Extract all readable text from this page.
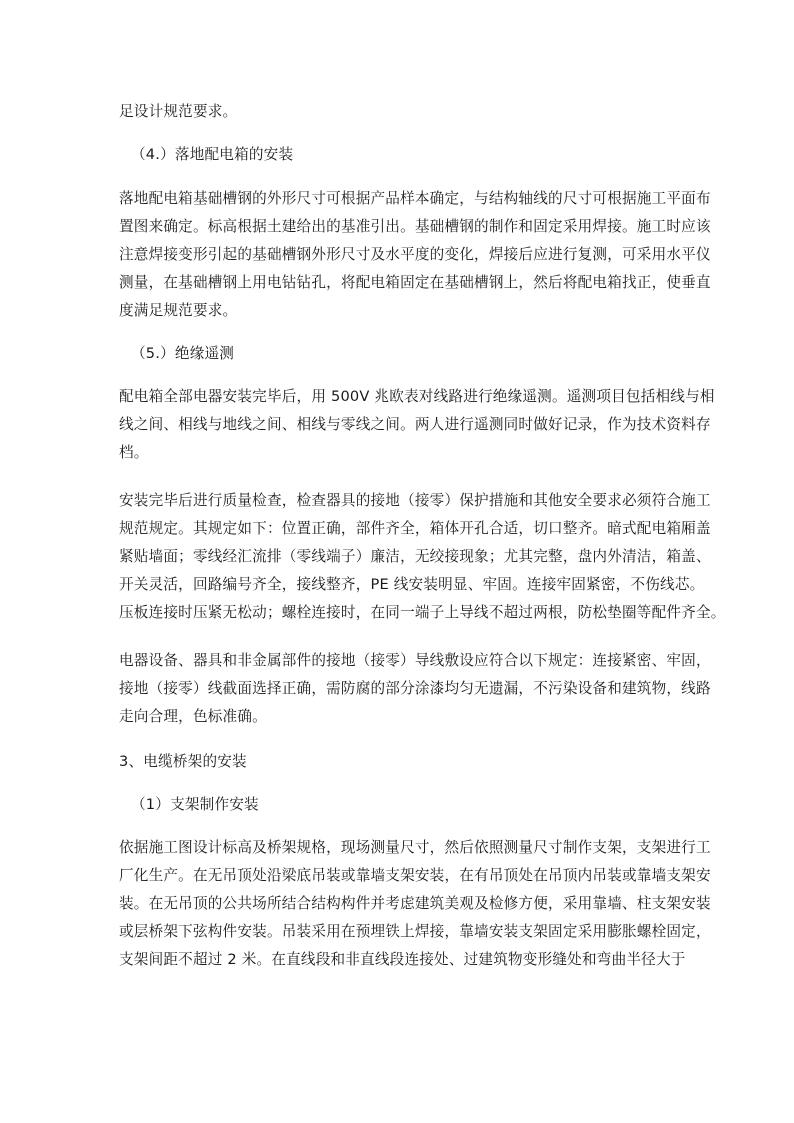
足设计规范要求。
（4.）落地配电箱的安装
落地配电箱基础槽钢的外形尺寸可根据产品样本确定，与结构轴线的尺寸可根据施工平面布
置图来确定。标高根据土建给出的基准引出。基础槽钢的制作和固定采用焊接。施工时应该
注意焊接变形引起的基础槽钢外形尺寸及水平度的变化，焊接后应进行复测，可采用水平仪
测量，在基础槽钢上用电钻钻孔，将配电箱固定在基础槽钢上，然后将配电箱找正，使垂直
度满足规范要求。
（5.）绝缘遥测
配电箱全部电器安装完毕后，用 500V 兆欧表对线路进行绝缘遥测。遥测项目包括相线与相
线之间、相线与地线之间、相线与零线之间。两人进行遥测同时做好记录，作为技术资料存
档。
安装完毕后进行质量检查，检查器具的接地（接零）保护措施和其他安全要求必须符合施工
规范规定。其规定如下：位置正确，部件齐全，箱体开孔合适，切口整齐。暗式配电箱厢盖
紧贴墙面；零线经汇流排（零线端子）廉洁，无绞接现象；尤其完整，盘内外清洁，箱盖、
开关灵活，回路编号齐全，接线整齐，PE 线安装明显、牢固。连接牢固紧密，不伤线芯。
压板连接时压紧无松动；螺栓连接时，在同一端子上导线不超过两根，防松垫圈等配件齐全。
电器设备、器具和非金属部件的接地（接零）导线敷设应符合以下规定：连接紧密、牢固，
接地（接零）线截面选择正确，需防腐的部分涂漆均匀无遗漏，不污染设备和建筑物，线路
走向合理，色标准确。
3、电缆桥架的安装
（1）支架制作安装
依据施工图设计标高及桥架规格，现场测量尺寸，然后依照测量尺寸制作支架，支架进行工
厂化生产。在无吊顶处沿梁底吊装或靠墙支架安装，在有吊顶处在吊顶内吊装或靠墙支架安
装。在无吊顶的公共场所结合结构构件并考虑建筑美观及检修方便，采用靠墙、柱支架安装
或层桥架下弦构件安装。吊装采用在预埋铁上焊接，靠墙安装支架固定采用膨胀螺栓固定，
支架间距不超过 2 米。在直线段和非直线段连接处、过建筑物变形缝处和弯曲半径大于
